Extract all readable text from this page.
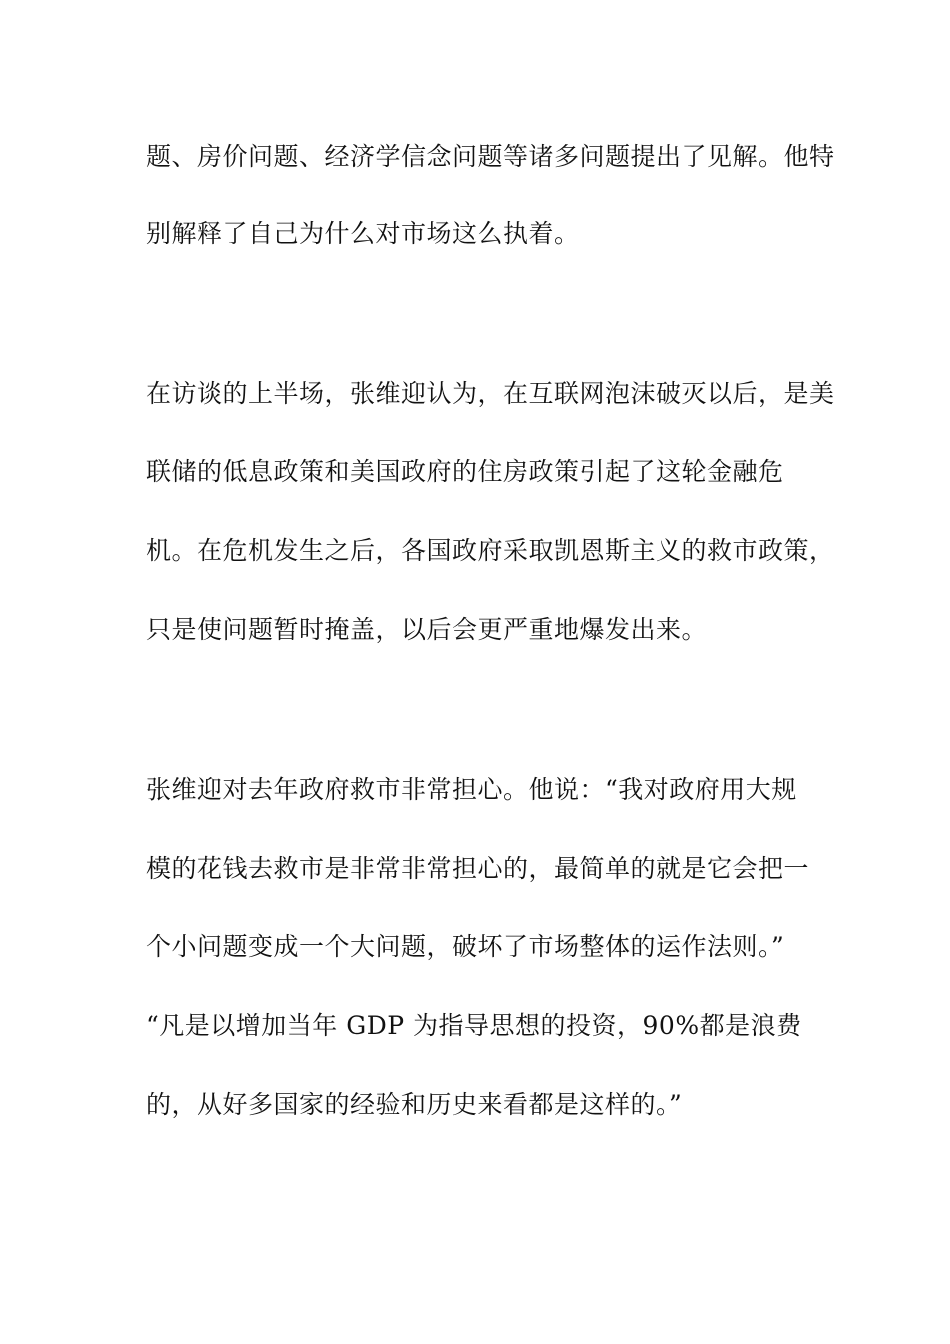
题、房价问题、经济学信念问题等诸多问题提出了见解。他特
别解释了自己为什么对市场这么执着。
在访谈的上半场，张维迎认为，在互联网泡沫破灭以后，是美
联储的低息政策和美国政府的住房政策引起了这轮金融危
机。在危机发生之后，各国政府采取凯恩斯主义的救市政策，
只是使问题暂时掩盖，以后会更严重地爆发出来。
张维迎对去年政府救市非常担心。他说：“我对政府用大规
模的花钱去救市是非常非常担心的，最简单的就是它会把一
个小问题变成一个大问题，破坏了市场整体的运作法则。”
“凡是以增加当年 GDP 为指导思想的投资，90%都是浪费
的，从好多国家的经验和历史来看都是这样的。”
